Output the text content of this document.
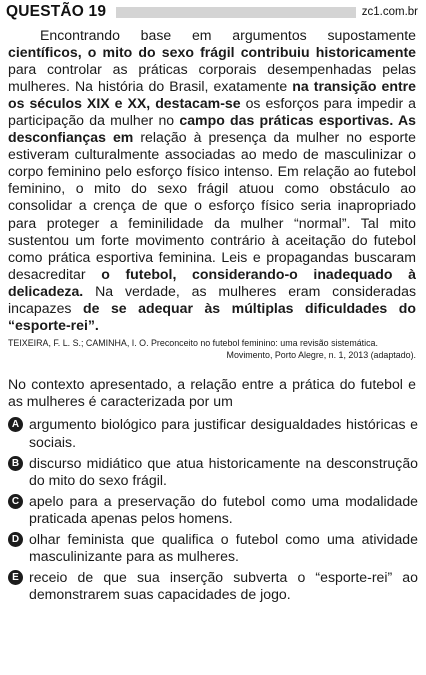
QUESTÃO 19	zc1.com.br

Encontrando base em argumentos supostamente científicos, o mito do sexo frágil contribuiu historicamente para controlar as práticas corporais desempenhadas pelas mulheres. Na história do Brasil, exatamente na transição entre os séculos XIX e XX, destacam-se os esforços para impedir a participação da mulher no campo das práticas esportivas. As desconfianças em relação à presença da mulher no esporte estiveram culturalmente associadas ao medo de masculinizar o corpo feminino pelo esforço físico intenso. Em relação ao futebol feminino, o mito do sexo frágil atuou como obstáculo ao consolidar a crença de que o esforço físico seria inapropriado para proteger a feminilidade da mulher “normal”. Tal mito sustentou um forte movimento contrário à aceitação do futebol como prática esportiva feminina. Leis e propagandas buscaram desacreditar o futebol, considerando-o inadequado à delicadeza. Na verdade, as mulheres eram consideradas incapazes de se adequar às múltiplas dificuldades do “esporte-rei”.

TEIXEIRA, F. L. S.; CAMINHA, I. O. Preconceito no futebol feminino: uma revisão sistemática.
Movimento, Porto Alegre, n. 1, 2013 (adaptado).
No contexto apresentado, a relação entre a prática do futebol e as mulheres é caracterizada por um
A argumento biológico para justificar desigualdades históricas e sociais.
B discurso midiático que atua historicamente na desconstrução do mito do sexo frágil.
C apelo para a preservação do futebol como uma modalidade praticada apenas pelos homens.
D olhar feminista que qualifica o futebol como uma atividade masculinizante para as mulheres.
E receio de que sua inserção subverta o “esporte-rei” ao demonstrarem suas capacidades de jogo.
